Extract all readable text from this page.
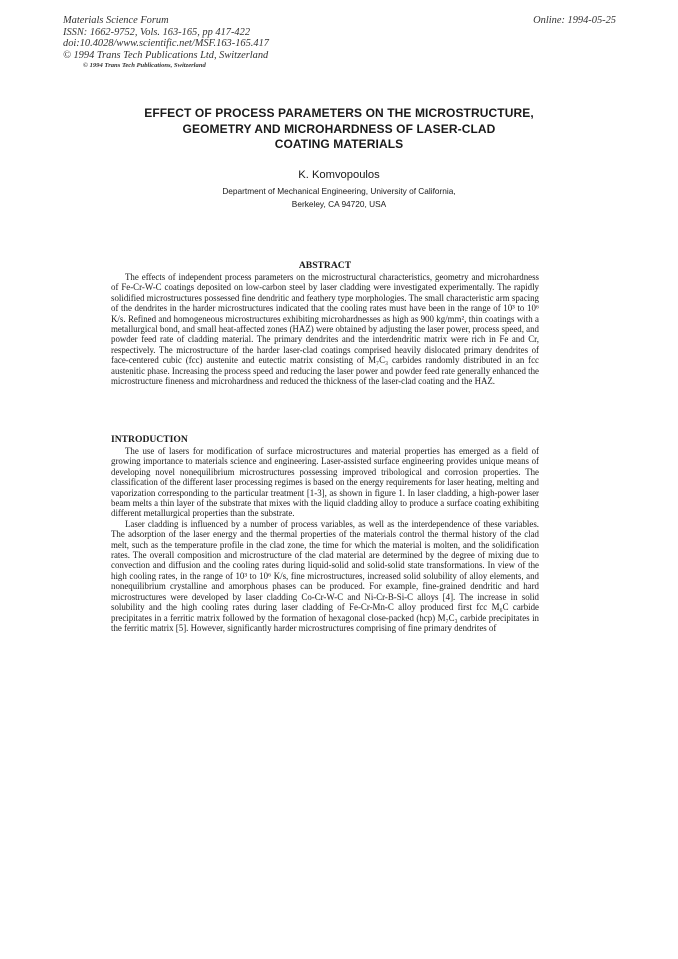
Materials Science Forum
ISSN: 1662-9752, Vols. 163-165, pp 417-422
doi:10.4028/www.scientific.net/MSF.163-165.417
© 1994 Trans Tech Publications Ltd, Switzerland
© 1994 Trans Tech Publications, Switzerland
Online: 1994-05-25
EFFECT OF PROCESS PARAMETERS ON THE MICROSTRUCTURE,
GEOMETRY AND MICROHARDNESS OF LASER-CLAD
COATING MATERIALS
K. Komvopoulos
Department of Mechanical Engineering, University of California,
Berkeley, CA 94720, USA
ABSTRACT

The effects of independent process parameters on the microstructural characteristics, geometry and microhardness of Fe-Cr-W-C coatings deposited on low-carbon steel by laser cladding were investigated experimentally. The rapidly solidified microstructures possessed fine dendritic and feathery type morphologies. The small characteristic arm spacing of the dendrites in the harder microstructures indicated that the cooling rates must have been in the range of 10³ to 10⁶ K/s. Refined and homogeneous microstructures exhibiting microhardnesses as high as 900 kg/mm², thin coatings with a metallurgical bond, and small heat-affected zones (HAZ) were obtained by adjusting the laser power, process speed, and powder feed rate of cladding material. The primary dendrites and the interdendritic matrix were rich in Fe and Cr, respectively. The microstructure of the harder laser-clad coatings comprised heavily dislocated primary dendrites of face-centered cubic (fcc) austenite and eutectic matrix consisting of M₇C₃ carbides randomly distributed in an fcc austenitic phase. Increasing the process speed and reducing the laser power and powder feed rate generally enhanced the microstructure fineness and microhardness and reduced the thickness of the laser-clad coating and the HAZ.

INTRODUCTION

The use of lasers for modification of surface microstructures and material properties has emerged as a field of growing importance to materials science and engineering. Laser-assisted surface engineering provides unique means of developing novel nonequilibrium microstructures possessing improved tribological and corrosion properties. The classification of the different laser processing regimes is based on the energy requirements for laser heating, melting and vaporization corresponding to the particular treatment [1-3], as shown in figure 1. In laser cladding, a high-power laser beam melts a thin layer of the substrate that mixes with the liquid cladding alloy to produce a surface coating exhibiting different metallurgical properties than the substrate.

Laser cladding is influenced by a number of process variables, as well as the interdependence of these variables. The adsorption of the laser energy and the thermal properties of the materials control the thermal history of the clad melt, such as the temperature profile in the clad zone, the time for which the material is molten, and the solidification rates. The overall composition and microstructure of the clad material are determined by the degree of mixing due to convection and diffusion and the cooling rates during liquid-solid and solid-solid state transformations. In view of the high cooling rates, in the range of 10³ to 10⁶ K/s, fine microstructures, increased solid solubility of alloy elements, and nonequilibrium crystalline and amorphous phases can be produced. For example, fine-grained dendritic and hard microstructures were developed by laser cladding Co-Cr-W-C and Ni-Cr-B-Si-C alloys [4]. The increase in solid solubility and the high cooling rates during laser cladding of Fe-Cr-Mn-C alloy produced first fcc M₆C carbide precipitates in a ferritic matrix followed by the formation of hexagonal close-packed (hcp) M₇C₃ carbide precipitates in the ferritic matrix [5]. However, significantly harder microstructures comprising of fine primary dendrites of
